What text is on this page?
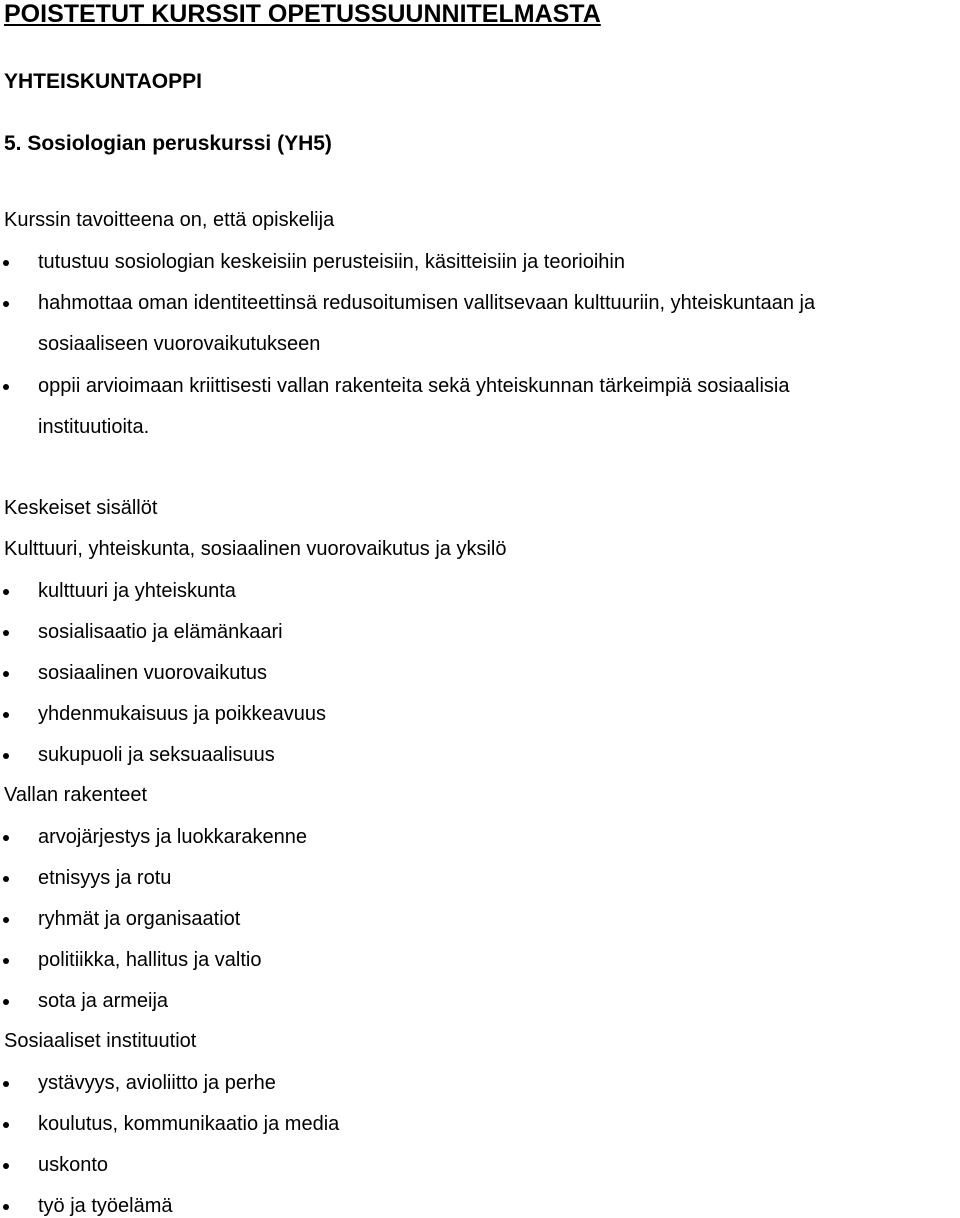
POISTETUT KURSSIT OPETUSSUUNNITELMASTA
YHTEISKUNTAOPPI
5. Sosiologian peruskurssi (YH5)
Kurssin tavoitteena on, että opiskelija
tutustuu sosiologian keskeisiin perusteisiin, käsitteisiin ja teorioihin
hahmottaa oman identiteettinsä redusoitumisen vallitsevaan kulttuuriin, yhteiskuntaan ja
sosiaaliseen vuorovaikutukseen
oppii arvioimaan kriittisesti vallan rakenteita sekä yhteiskunnan tärkeimpiä sosiaalisia
instituutioita.
Keskeiset sisällöt
Kulttuuri, yhteiskunta, sosiaalinen vuorovaikutus ja yksilö
kulttuuri ja yhteiskunta
sosialisaatio ja elämänkaari
sosiaalinen vuorovaikutus
yhdenmukaisuus ja poikkeavuus
sukupuoli ja seksuaalisuus
Vallan rakenteet
arvojärjestys ja luokkarakenne
etnisyys ja rotu
ryhmät ja organisaatiot
politiikka, hallitus ja valtio
sota ja armeija
Sosiaaliset instituutiot
ystävyys, avioliitto ja perhe
koulutus, kommunikaatio ja media
uskonto
työ ja työelämä
